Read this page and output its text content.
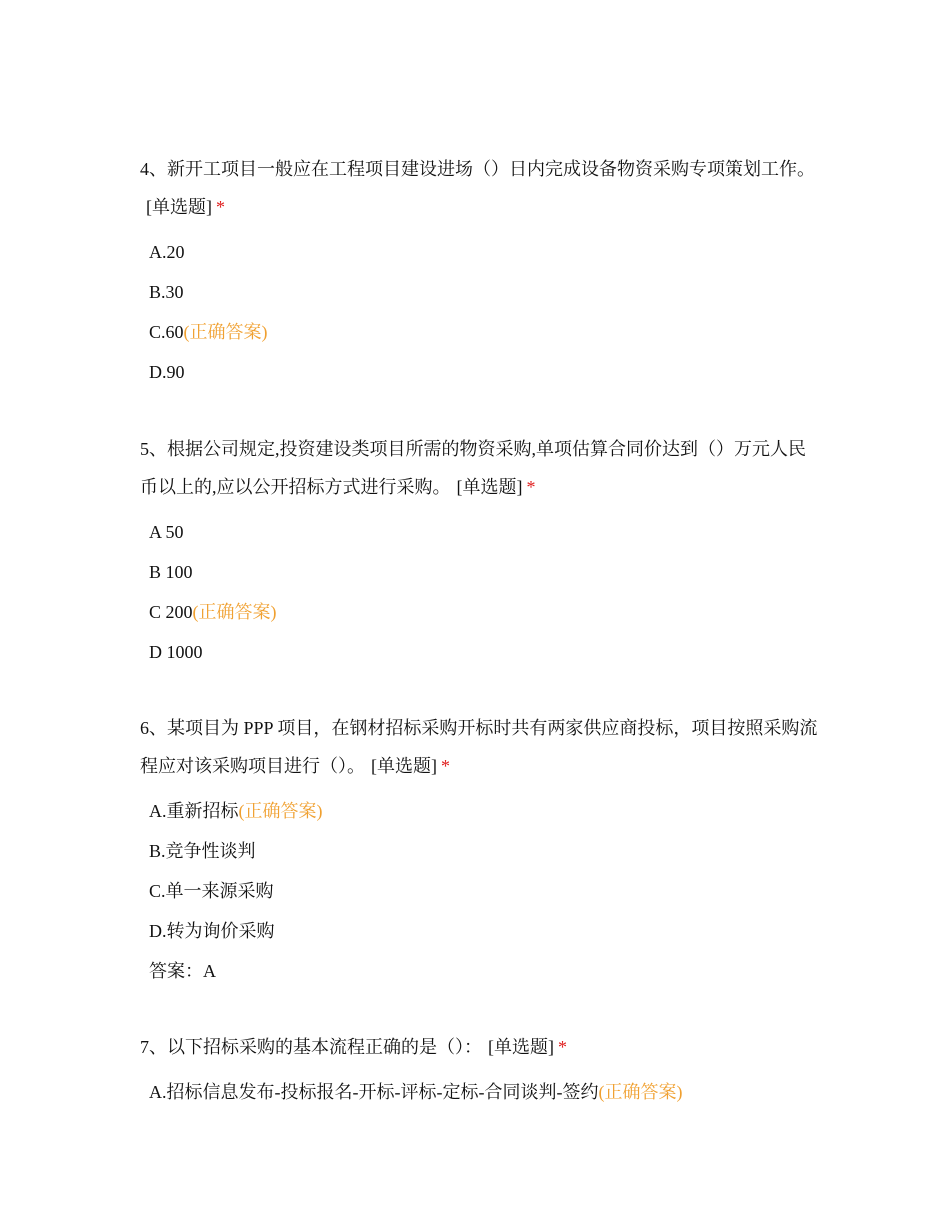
4、新开工项目一般应在工程项目建设进场（）日内完成设备物资采购专项策划工作。[单选题] *

A.20
B.30
C.60(正确答案)
D.90

5、根据公司规定,投资建设类项目所需的物资采购,单项估算合同价达到（）万元人民币以上的,应以公开招标方式进行采购。 [单选题] *

A 50
B 100
C 200(正确答案)
D 1000

6、某项目为 PPP 项目，在钢材招标采购开标时共有两家供应商投标，项目按照采购流程应对该采购项目进行（）。 [单选题] *

A.重新招标(正确答案)
B.竞争性谈判
C.单一来源采购
D.转为询价采购
答案：A

7、以下招标采购的基本流程正确的是（）： [单选题] *

A.招标信息发布-投标报名-开标-评标-定标-合同谈判-签约(正确答案)
